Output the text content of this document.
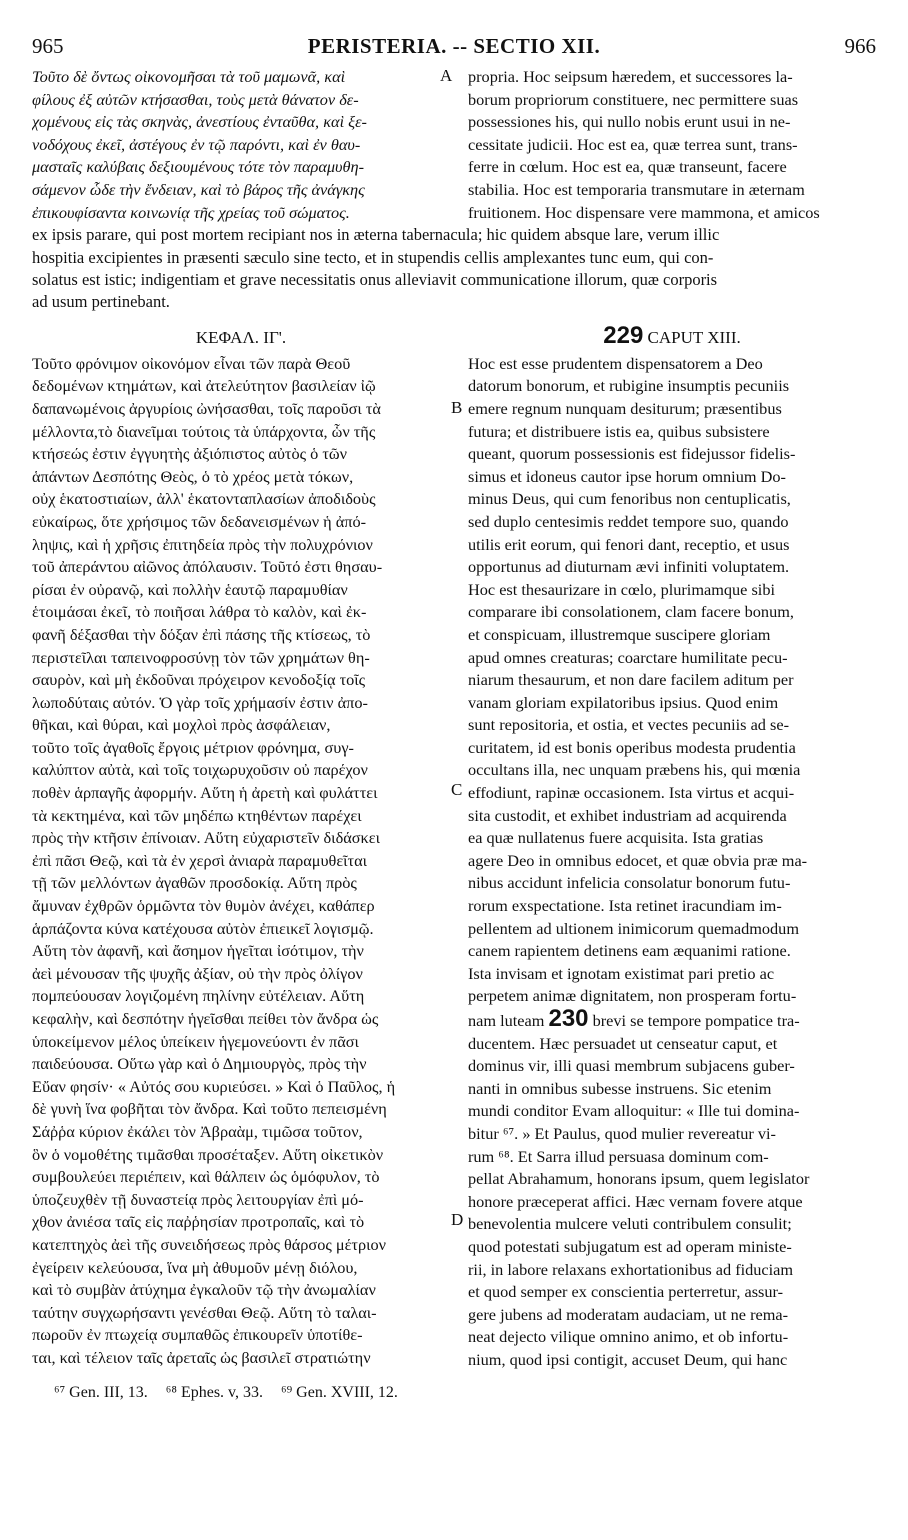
965	PERISTERIA. -- SECTIO XII.	966
Τοῦτο δὲ ὄντως οἰκονομῆσαι τὰ τοῦ μαμωνᾶ, καὶ
φίλους ἐξ αὐτῶν κτήσασθαι, τοὺς μετὰ θάνατον δε-
χομένους εἰς τὰς σκηνὰς, ἀνεστίους ἐνταῦθα, καὶ ξε-
νοδόχους ἐκεῖ, ἀστέγους ἐν τῷ παρόντι, καὶ ἐν θαυ-
μασταῖς καλύβαις δεξιουμένους τότε τὸν παραμυθη-
σάμενον ὧδε τὴν ἔνδειαν, καὶ τὸ βάρος τῆς ἀνάγκης
ἐπικουφίσαντα κοινωνίᾳ τῆς χρείας τοῦ σώματος.
propria. Hoc seipsum hæredem, et successores la-
borum propriorum constituere, nec permittere suas
possessiones his, qui nullo nobis erunt usui in ne-
cessitate judicii. Hoc est ea, quæ terrea sunt, trans-
ferre in cœlum. Hoc est ea, quæ transeunt, facere
stabilia. Hoc est temporaria transmutare in æternam
fruitionem. Hoc dispensare vere mammona, et amicos
A
ex ipsis parare, qui post mortem recipiant nos in æterna tabernacula; hic quidem absque lare, verum illic
hospitia excipientes in præsenti sæculo sine tecto, et in stupendis cellis amplexantes tunc eum, qui con-
solatus est istic; indigentiam et grave necessitatis onus alleviavit communicatione illorum, quæ corporis
ad usum pertinebant.
ΚΕΦΑΛ. ΙΓ'.	229 CAPUT XIII.
Τοῦτο φρόνιμον οἰκονόμον εἶναι τῶν παρὰ Θεοῦ
δεδομένων κτημάτων, καὶ ἀτελεύτητον βασιλείαν ἰῷ
δαπανωμένοις ἀργυρίοις ὠνήσασθαι, τοῖς παροῦσι τὰ
μέλλοντα,τὸ διανεῖμαι τούτοις τὰ ὑπάρχοντα, ὧν τῆς
κτήσεώς ἐστιν ἐγγυητὴς ἀξιόπιστος αὐτὸς ὁ τῶν
ἁπάντων Δεσπότης Θεὸς, ὁ τὸ χρέος μετὰ τόκων,
οὐχ ἑκατοστιαίων, ἀλλ' ἑκατονταπλασίων ἀποδιδοὺς
εὐκαίρως, ὅτε χρήσιμος τῶν δεδανεισμένων ἡ ἀπό-
ληψις, καὶ ἡ χρῆσις ἐπιτηδεία πρὸς τὴν πολυχρόνιον
τοῦ ἀπεράντου αἰῶνος ἀπόλαυσιν. Τοῦτό ἐστι θησαυ-
ρίσαι ἐν οὐρανῷ, καὶ πολλὴν ἑαυτῷ παραμυθίαν
ἑτοιμάσαι ἐκεῖ, τὸ ποιῆσαι λάθρα τὸ καλὸν, καὶ ἐκ-
φανῆ δέξασθαι τὴν δόξαν ἐπὶ πάσης τῆς κτίσεως, τὸ
περιστεῖλαι ταπεινοφροσύνῃ τὸν τῶν χρημάτων θη-
σαυρὸν, καὶ μὴ ἐκδοῦναι πρόχειρον κενοδοξίᾳ τοῖς
λωποδύταις αὐτόν. Ὁ γὰρ τοῖς χρήμασίν ἐστιν ἀπο-
θῆκαι, καὶ θύραι, καὶ μοχλοὶ πρὸς ἀσφάλειαν,
τοῦτο τοῖς ἀγαθοῖς ἔργοις μέτριον φρόνημα, συγ-
καλύπτον αὐτὰ, καὶ τοῖς τοιχωρυχοῦσιν οὐ παρέχον
ποθὲν ἁρπαγῆς ἀφορμήν. Αὕτη ἡ ἀρετὴ καὶ φυλάττει
τὰ κεκτημένα, καὶ τῶν μηδέπω κτηθέντων παρέχει
πρὸς τὴν κτῆσιν ἐπίνοιαν. Αὕτη εὐχαριστεῖν διδάσκει
ἐπὶ πᾶσι Θεῷ, καὶ τὰ ἐν χερσὶ ἀνιαρὰ παραμυθεῖται
τῇ τῶν μελλόντων ἀγαθῶν προσδοκίᾳ. Αὕτη πρὸς
ἄμυναν ἐχθρῶν ὁρμῶντα τὸν θυμὸν ἀνέχει, καθάπερ
ἁρπάζοντα κύνα κατέχουσα αὐτὸν ἐπιεικεῖ λογισμῷ.
Αὕτη τὸν ἀφανῆ, καὶ ἄσημον ἡγεῖται ἰσότιμον, τὴν
ἀεὶ μένουσαν τῆς ψυχῆς ἀξίαν, οὐ τὴν πρὸς ὀλίγον
πομπεύουσαν λογιζομένη πηλίνην εὐτέλειαν. Αὕτη
κεφαλὴν, καὶ δεσπότην ἡγεῖσθαι πείθει τὸν ἄνδρα ὡς
ὑποκείμενον μέλος ὑπείκειν ἡγεμονεύοντι ἐν πᾶσι
παιδεύουσα. Οὕτω γὰρ καὶ ὁ Δημιουργὸς, πρὸς τὴν
Εὔαν φησίν· « Αὐτός σου κυριεύσει. » Καὶ ὁ Παῦλος, ἡ
δὲ γυνὴ ἵνα φοβῆται τὸν ἄνδρα. Καὶ τοῦτο πεπεισμένη
Σάῤῥα κύριον ἐκάλει τὸν Ἀβραὰμ, τιμῶσα τοῦτον,
ὃν ὁ νομοθέτης τιμᾶσθαι προσέταξεν. Αὕτη οἰκετικὸν
συμβουλεύει περιέπειν, καὶ θάλπειν ὡς ὁμόφυλον, τὸ
ὑποζευχθὲν τῇ δυναστείᾳ πρὸς λειτουργίαν ἐπὶ μό-
χθον ἀνιέσα ταῖς εἰς παῤῥησίαν προτροπαῖς, καὶ τὸ
κατεπτηχὸς ἀεὶ τῆς συνειδήσεως πρὸς θάρσος μέτριον
ἐγείρειν κελεύουσα, ἵνα μὴ ἀθυμοῦν μένῃ διόλου,
καὶ τὸ συμβὰν ἀτύχημα ἐγκαλοῦν τῷ τὴν ἀνωμαλίαν
ταύτην συγχωρήσαντι γενέσθαι Θεῷ. Αὕτη τὸ ταλαι-
πωροῦν ἐν πτωχείᾳ συμπαθῶς ἐπικουρεῖν ὑποτίθε-
ται, καὶ τέλειον ταῖς ἀρεταῖς ὡς βασιλεῖ στρατιώτην
Hoc est esse prudentem dispensatorem a Deo
datorum bonorum, et rubigine insumptis pecuniis
emere regnum nunquam desiturum; præsentibus
futura; et distribuere istis ea, quibus subsistere
queant, quorum possessionis est fidejussor fidelis-
simus et idoneus cautor ipse horum omnium Do-
minus Deus, qui cum fenoribus non centuplicatis,
sed duplo centesimis reddet tempore suo, quando
utilis erit eorum, qui fenori dant, receptio, et usus
opportunus ad diuturnam ævi infiniti voluptatem.
Hoc est thesaurizare in cœlo, plurimamque sibi
comparare ibi consolationem, clam facere bonum,
et conspicuam, illustremque suscipere gloriam
apud omnes creaturas; coarctare humilitate pecu-
niarum thesaurum, et non dare facilem aditum per
vanam gloriam expilatoribus ipsius. Quod enim
sunt repositoria, et ostia, et vectes pecuniis ad se-
curitatem, id est bonis operibus modesta prudentia
occultans illa, nec unquam præbens his, qui mœnia
effodiunt, rapinæ occasionem. Ista virtus et acqui-
sita custodit, et exhibet industriam ad acquirenda
ea quæ nullatenus fuere acquisita. Ista gratias
agere Deo in omnibus edocet, et quæ obvia præ ma-
nibus accidunt infelicia consolatur bonorum futu-
rorum exspectatione. Ista retinet iracundiam im-
pellentem ad ultionem inimicorum quemadmodum
canem rapientem detinens eam æquanimi ratione.
Ista invisam et ignotam existimat pari pretio ac
perpetem animæ dignitatem, non prosperam fortu-
nam luteam 230 brevi se tempore pompatice tra-
ducentem. Hæc persuadet ut censeatur caput, et
dominus vir, illi quasi membrum subjacens guber-
nanti in omnibus subesse instruens. Sic etenim
mundi conditor Evam alloquitur: « Ille tui domina-
bitur ⁶⁷. » Et Paulus, quod mulier revereatur vi-
rum ⁶⁸. Et Sarra illud persuasa dominum com-
pellat Abrahamum, honorans ipsum, quem legislator
honore præceperat affici. Hæc vernam fovere atque
benevolentia mulcere veluti contribulem consulit;
quod potestati subjugatum est ad operam ministe-
rii, in labore relaxans exhortationibus ad fiduciam
et quod semper ex conscientia perterretur, assur-
gere jubens ad moderatam audaciam, ut ne rema-
neat dejecto vilique omnino animo, et ob infortu-
nium, quod ipsi contigit, accuset Deum, qui hanc
B
C
D
⁶⁷ Gen. III, 13. ⁶⁸ Ephes. v, 33. ⁶⁹ Gen. XVIII, 12.
